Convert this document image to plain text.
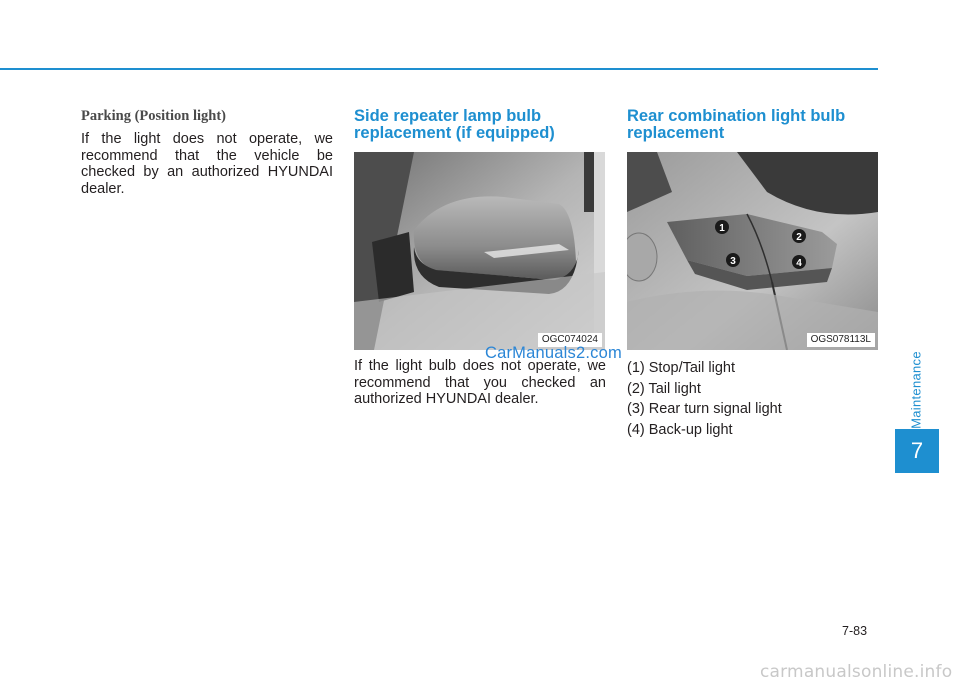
Parking (Position light)

If the light does not operate, we recommend that the vehicle be checked by an authorized HYUNDAI dealer.

Side repeater lamp bulb replacement (if equipped)
OGC074024

If the light bulb does not operate, we recommend that you checked an authorized HYUNDAI dealer.

CarManuals2.com
Rear combination light bulb replacement
1
2
3	4
OGS078113L
(1) Stop/Tail light
(2) Tail light
(3) Rear turn signal light
(4) Back-up light
Maintenance
7
7-83
carmanualsonline.info
